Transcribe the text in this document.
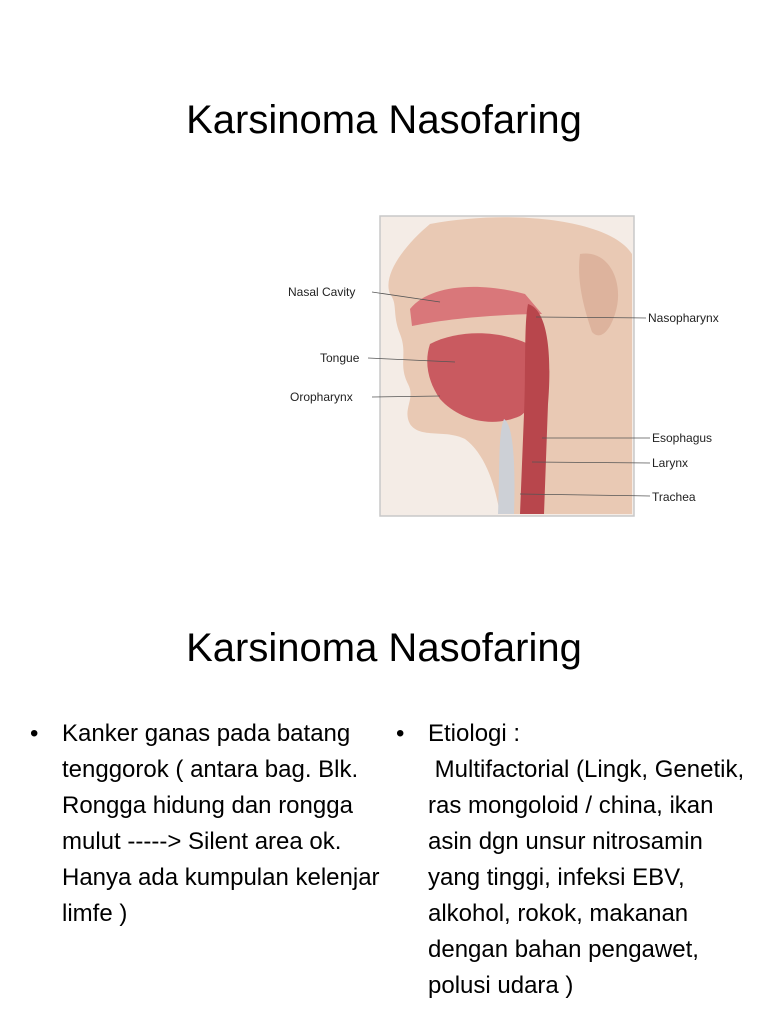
Karsinoma Nasofaring
Nasal Cavity
Tongue
Oropharynx
Nasopharynx
Esophagus
Larynx
Trachea
Karsinoma Nasofaring
• Kanker ganas pada batang tenggorok ( antara bag. Blk. Rongga hidung dan rongga mulut -----> Silent area ok. Hanya ada kumpulan kelenjar limfe )
• Etiologi :
Multifactorial (Lingk, Genetik, ras mongoloid / china, ikan asin dgn unsur nitrosamin yang tinggi, infeksi EBV, alkohol, rokok, makanan dengan bahan pengawet, polusi udara )
